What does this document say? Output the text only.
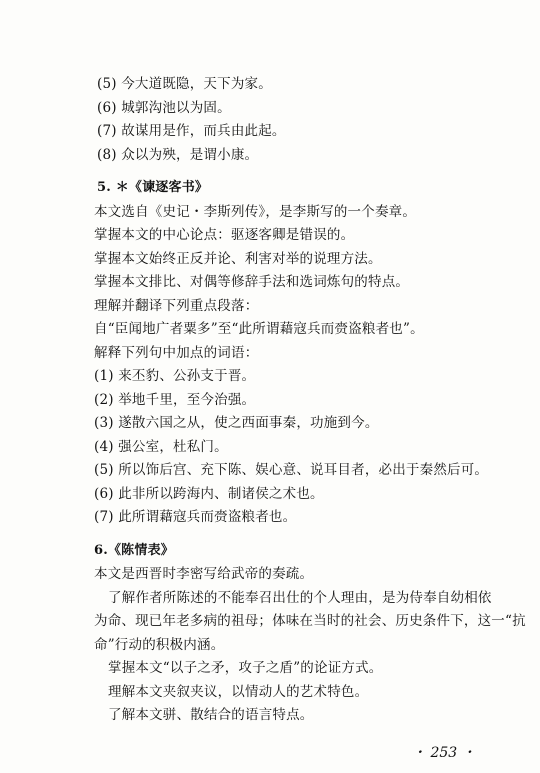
(5) 今大道既隐，天下为家。
(6) 城郭沟池以为固。
(7) 故谋用是作，而兵由此起。
(8) 众以为殃，是谓小康。
5. ＊《谏逐客书》
本文选自《史记・李斯列传》，是李斯写的一个奏章。
掌握本文的中心论点：驱逐客卿是错误的。
掌握本文始终正反并论、利害对举的说理方法。
掌握本文排比、对偶等修辞手法和选词炼句的特点。
理解并翻译下列重点段落：
自“臣闻地广者粟多”至“此所谓藉寇兵而赍盗粮者也”。
解释下列句中加点的词语：
(1) 来丕豹、公孙支于晋。
(2) 举地千里，至今治强。
(3) 遂散六国之从，使之西面事秦，功施到今。
(4) 强公室，杜私门。
(5) 所以饰后宫、充下陈、娱心意、说耳目者，必出于秦然后可。
(6) 此非所以跨海内、制诸侯之术也。
(7) 此所谓藉寇兵而赍盗粮者也。
6.《陈情表》
本文是西晋时李密写给武帝的奏疏。
了解作者所陈述的不能奉召出仕的个人理由，是为侍奉自幼相依
为命、现已年老多病的祖母；体味在当时的社会、历史条件下，这一“抗
命”行动的积极内涵。
掌握本文“以子之矛，攻子之盾”的论证方式。
理解本文夹叙夹议，以情动人的艺术特色。
了解本文骈、散结合的语言特点。
・ 253 ・
